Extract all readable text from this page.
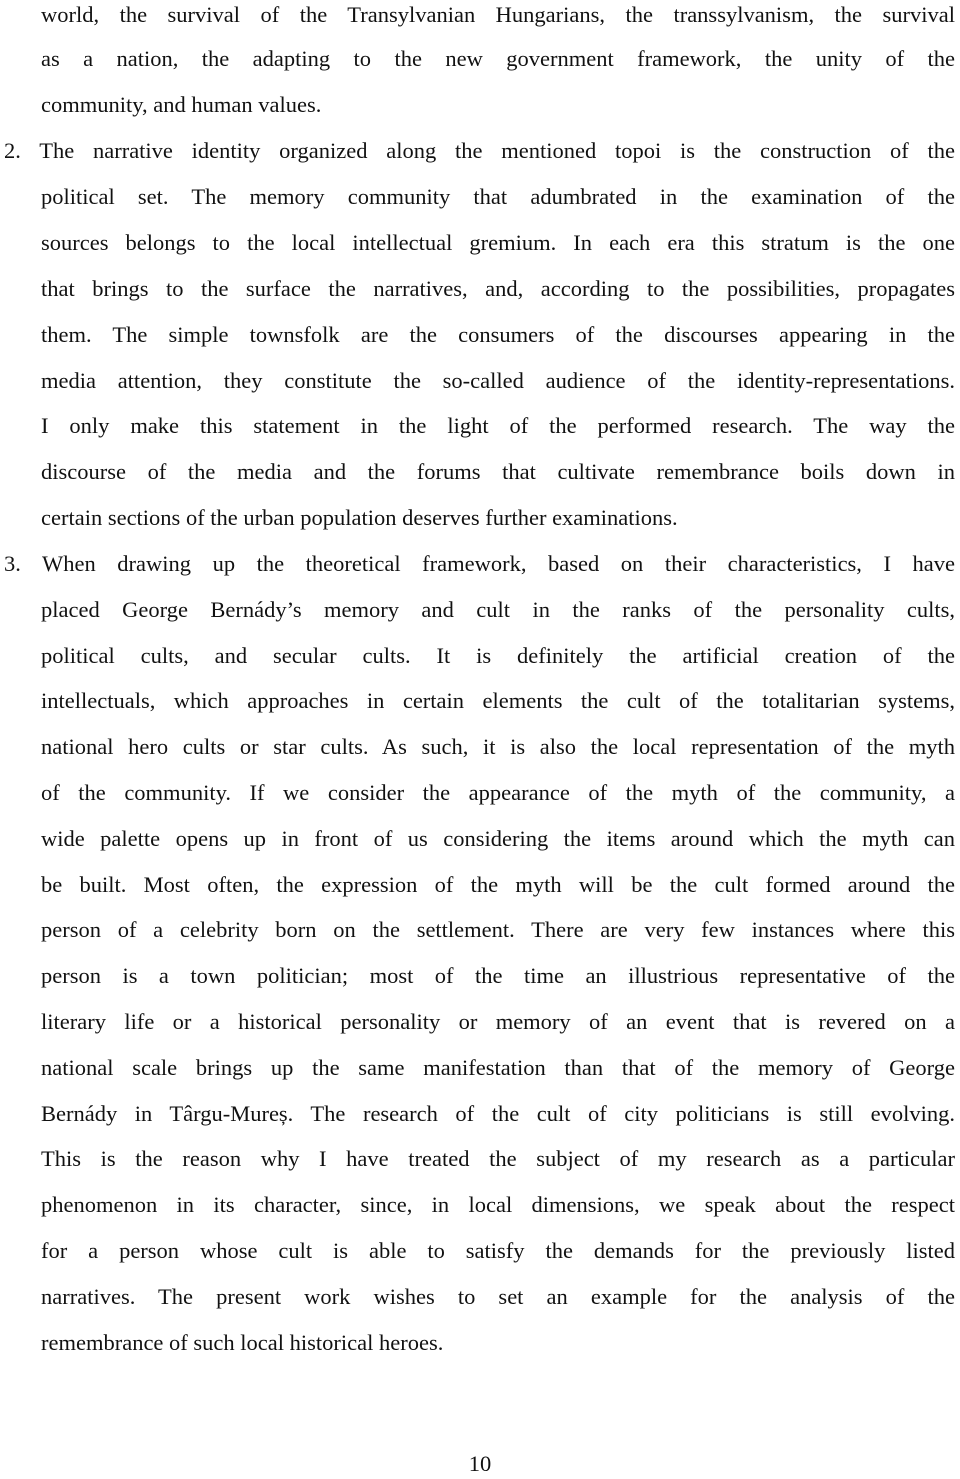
world, the survival of the Transylvanian Hungarians, the transsylvanism, the survival
as a nation, the adapting to the new government framework, the unity of the
community, and human values.
2. The narrative identity organized along the mentioned topoi is the construction of the
political set. The memory community that adumbrated in the examination of the
sources belongs to the local intellectual gremium. In each era this stratum is the one
that brings to the surface the narratives, and, according to the possibilities, propagates
them. The simple townsfolk are the consumers of the discourses appearing in the
media attention, they constitute the so-called audience of the identity-representations.
I only make this statement in the light of the performed research. The way the
discourse of the media and the forums that cultivate remembrance boils down in
certain sections of the urban population deserves further examinations.
3. When drawing up the theoretical framework, based on their characteristics, I have
placed George Bernády’s memory and cult in the ranks of the personality cults,
political cults, and secular cults. It is definitely the artificial creation of the
intellectuals, which approaches in certain elements the cult of the totalitarian systems,
national hero cults or star cults. As such, it is also the local representation of the myth
of the community. If we consider the appearance of the myth of the community, a
wide palette opens up in front of us considering the items around which the myth can
be built. Most often, the expression of the myth will be the cult formed around the
person of a celebrity born on the settlement. There are very few instances where this
person is a town politician; most of the time an illustrious representative of the
literary life or a historical personality or memory of an event that is revered on a
national scale brings up the same manifestation than that of the memory of George
Bernády in Târgu-Mureș. The research of the cult of city politicians is still evolving.
This is the reason why I have treated the subject of my research as a particular
phenomenon in its character, since, in local dimensions, we speak about the respect
for a person whose cult is able to satisfy the demands for the previously listed
narratives. The present work wishes to set an example for the analysis of the
remembrance of such local historical heroes.
10
